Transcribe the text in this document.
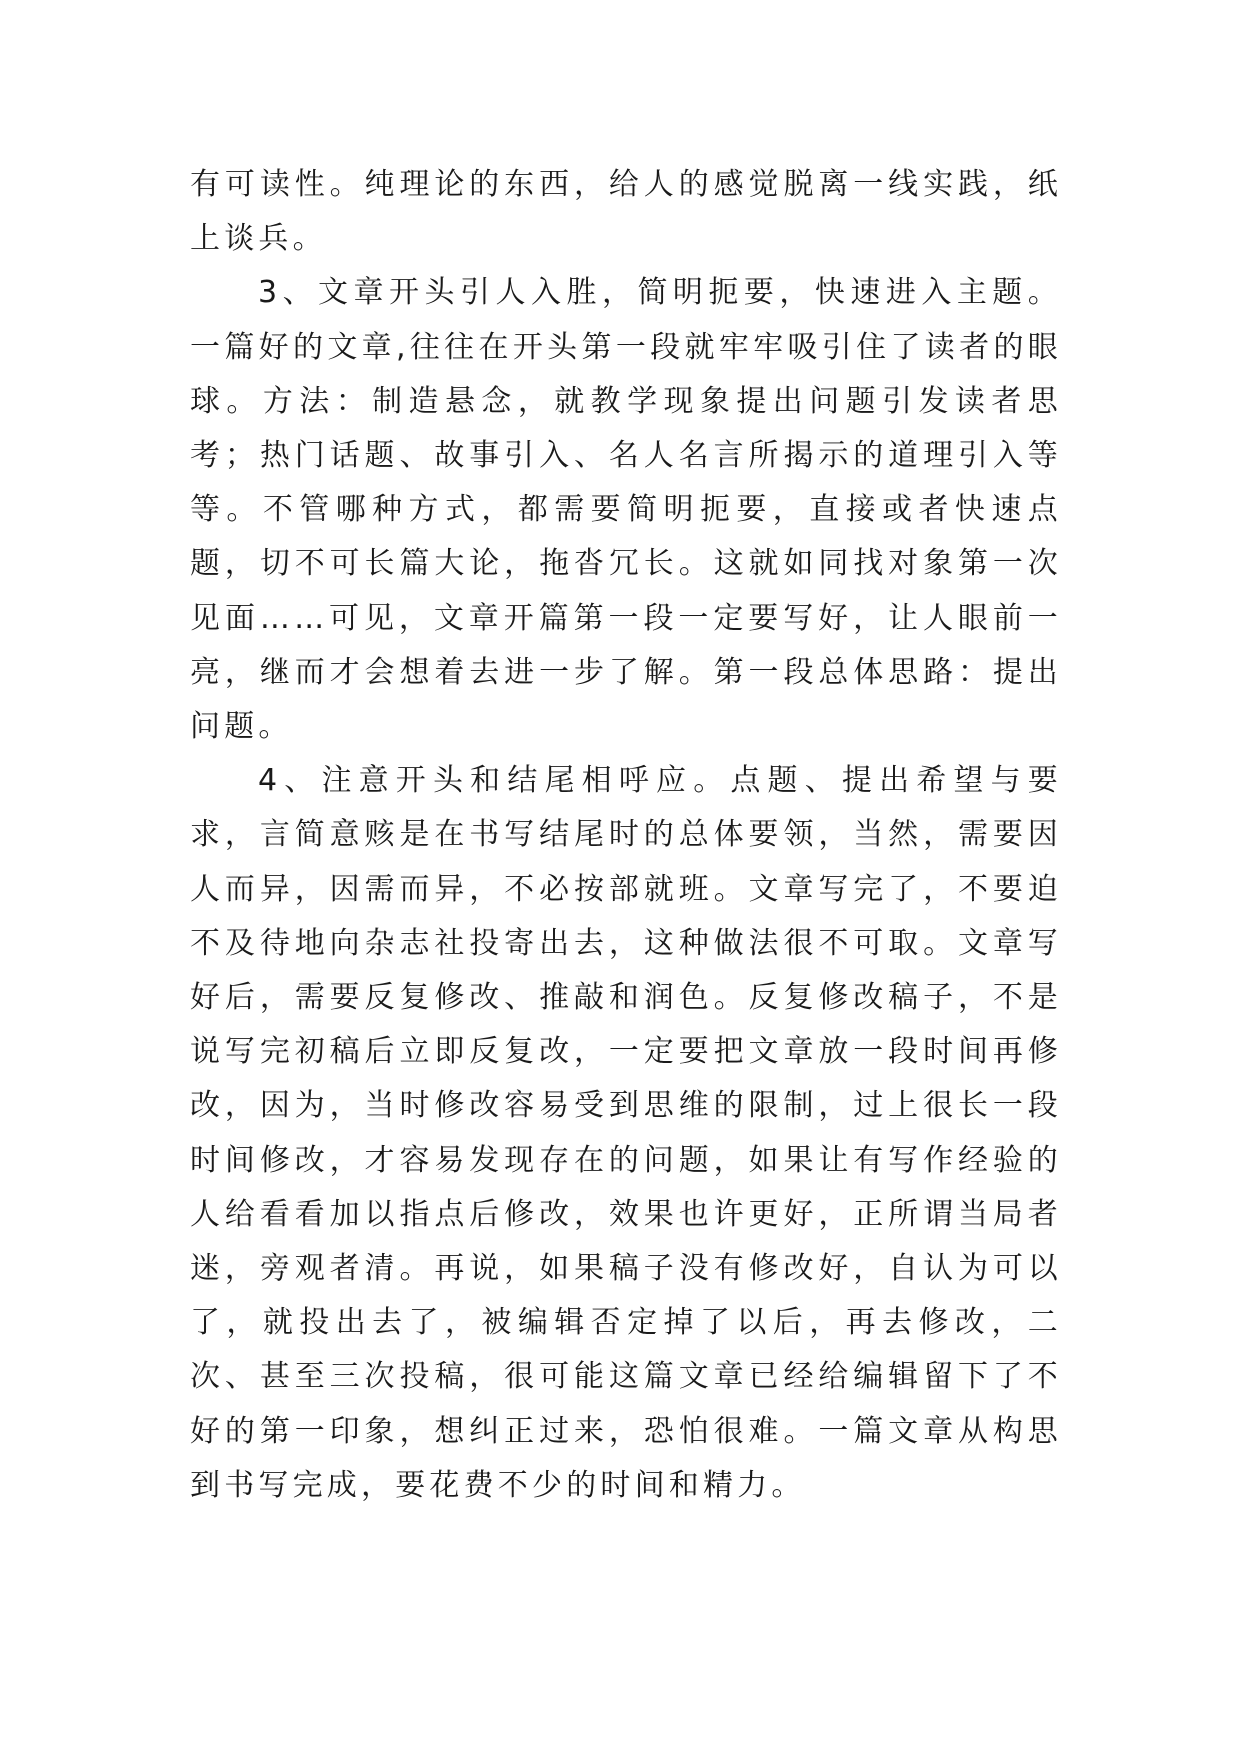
有可读性。纯理论的东西，给人的感觉脱离一线实践，纸上谈兵。

3、文章开头引人入胜，简明扼要，快速进入主题。一篇好的文章,往往在开头第一段就牢牢吸引住了读者的眼球。方法：制造悬念，就教学现象提出问题引发读者思考；热门话题、故事引入、名人名言所揭示的道理引入等等。不管哪种方式，都需要简明扼要，直接或者快速点题，切不可长篇大论，拖沓冗长。这就如同找对象第一次见面……可见，文章开篇第一段一定要写好，让人眼前一亮，继而才会想着去进一步了解。第一段总体思路：提出问题。

4、注意开头和结尾相呼应。点题、提出希望与要求，言简意赅是在书写结尾时的总体要领，当然，需要因人而异，因需而异，不必按部就班。文章写完了，不要迫不及待地向杂志社投寄出去，这种做法很不可取。文章写好后，需要反复修改、推敲和润色。反复修改稿子，不是说写完初稿后立即反复改，一定要把文章放一段时间再修改，因为，当时修改容易受到思维的限制，过上很长一段时间修改，才容易发现存在的问题，如果让有写作经验的人给看看加以指点后修改，效果也许更好，正所谓当局者迷，旁观者清。再说，如果稿子没有修改好，自认为可以了，就投出去了，被编辑否定掉了以后，再去修改，二次、甚至三次投稿，很可能这篇文章已经给编辑留下了不好的第一印象，想纠正过来，恐怕很难。一篇文章从构思到书写完成，要花费不少的时间和精力。
